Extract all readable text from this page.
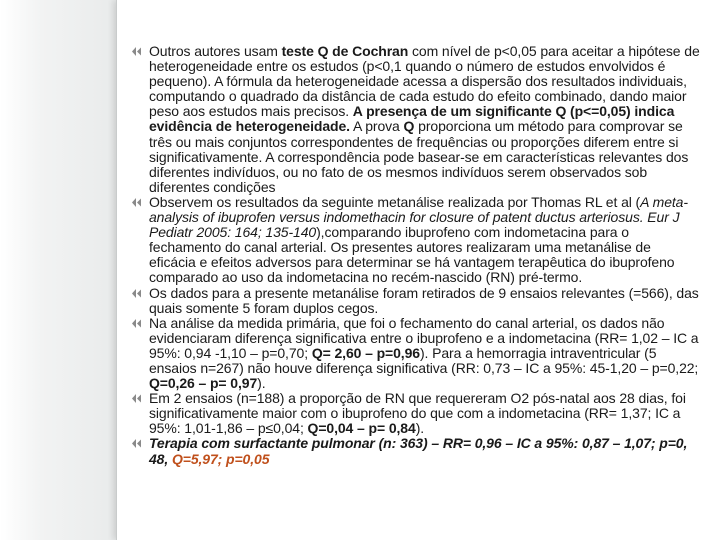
Outros autores usam teste Q de Cochran com nível de p<0,05 para aceitar a hipótese de heterogeneidade entre os estudos (p<0,1 quando o número de estudos envolvidos é pequeno). A fórmula da heterogeneidade acessa a dispersão dos resultados individuais, computando o quadrado da distância de cada estudo do efeito combinado, dando maior peso aos estudos mais precisos. A presença de um significante Q (p<=0,05) indica evidência de heterogeneidade. A prova Q proporciona um método para comprovar se três ou mais conjuntos correspondentes de frequências ou proporções diferem entre si significativamente. A correspondência pode basear-se em características relevantes dos diferentes indivíduos, ou no fato de os mesmos indivíduos serem observados sob diferentes condições
Observem os resultados da seguinte metanálise realizada por Thomas RL et al (A meta-analysis of ibuprofen versus indomethacin for closure of patent ductus arteriosus. Eur J Pediatr 2005: 164; 135-140),comparando ibuprofeno com indometacina para o fechamento do canal arterial. Os presentes autores realizaram uma metanálise de eficácia e efeitos adversos para determinar se há vantagem terapêutica do ibuprofeno comparado ao uso da indometacina no recém-nascido (RN) pré-termo.
Os dados para a presente metanálise foram retirados de 9 ensaios relevantes (=566), das quais somente 5 foram duplos cegos.
Na análise da medida primária, que foi o fechamento do canal arterial, os dados não evidenciaram diferença significativa entre o ibuprofeno e a indometacina (RR= 1,02 – IC a 95%: 0,94 -1,10 – p=0,70; Q= 2,60 – p=0,96). Para a hemorragia intraventricular (5 ensaios n=267) não houve diferença significativa (RR: 0,73 – IC a 95%: 45-1,20 – p=0,22; Q=0,26 – p= 0,97).
Em 2 ensaios (n=188) a proporção de RN que requereram O2 pós-natal aos 28 dias, foi significativamente maior com o ibuprofeno do que com a indometacina (RR= 1,37; IC a 95%: 1,01-1,86 – p≤0,04; Q=0,04 – p= 0,84).
Terapia com surfactante pulmonar (n: 363) – RR= 0,96 – IC a 95%: 0,87 – 1,07; p=0, 48, Q=5,97; p=0,05
